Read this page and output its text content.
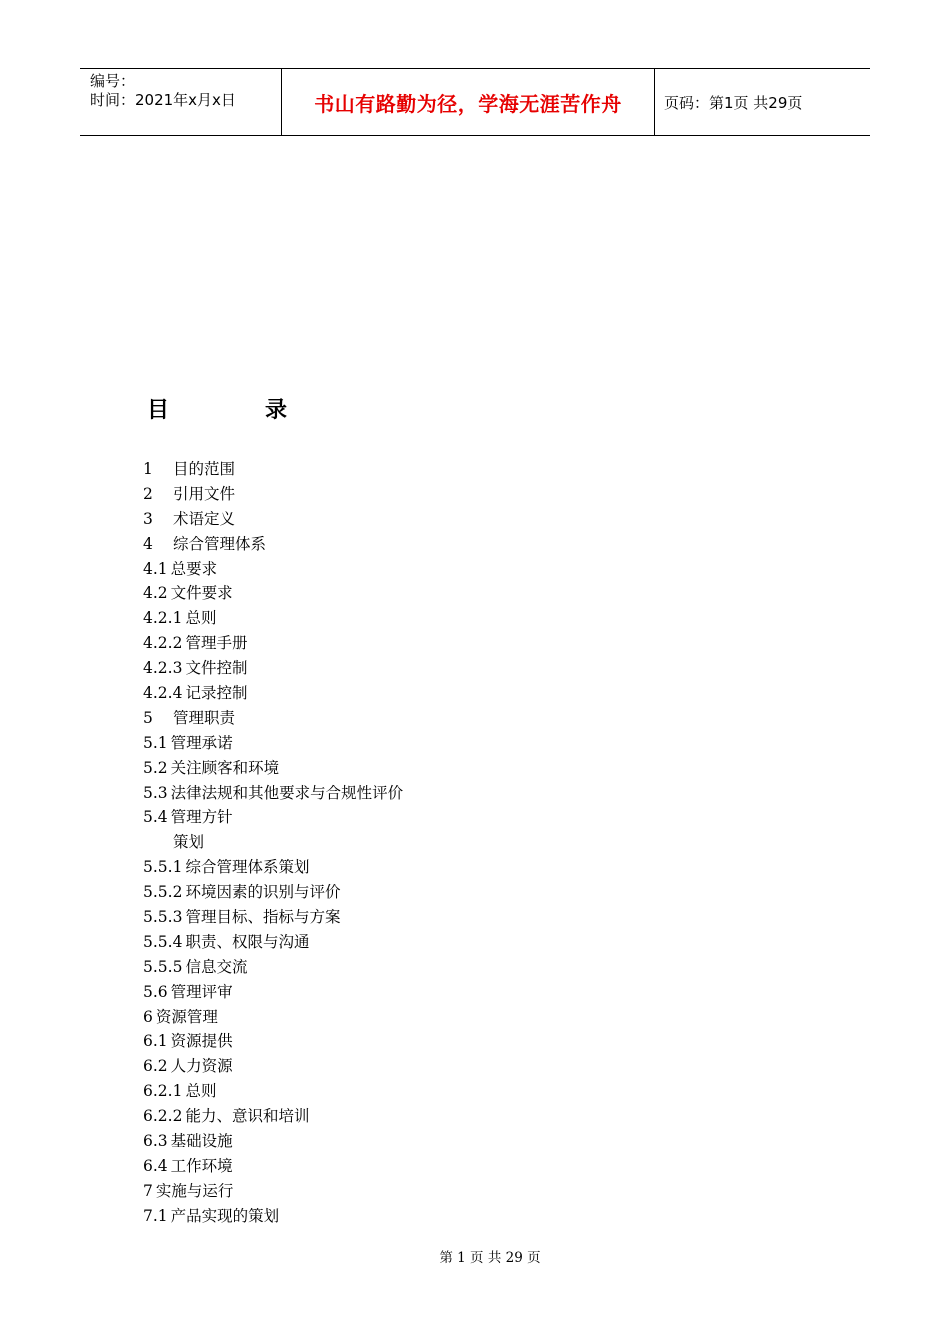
编号：
时间：2021年x月x日	书山有路勤为径，学海无涯苦作舟	页码：第1页 共29页
目	录
1 目的范围
2 引用文件
3 术语定义
4 综合管理体系
4.1 总要求
4.2 文件要求
4.2.1 总则
4.2.2 管理手册
4.2.3 文件控制
4.2.4 记录控制
5 管理职责
5.1 管理承诺
5.2 关注顾客和环境
5.3 法律法规和其他要求与合规性评价
5.4 管理方针
策划
5.5.1 综合管理体系策划
5.5.2 环境因素的识别与评价
5.5.3 管理目标、指标与方案
5.5.4 职责、权限与沟通
5.5.5 信息交流
5.6 管理评审
6 资源管理
6.1 资源提供
6.2 人力资源
6.2.1 总则
6.2.2 能力、意识和培训
6.3 基础设施
6.4 工作环境
7 实施与运行
7.1 产品实现的策划
第 1 页 共 29 页
